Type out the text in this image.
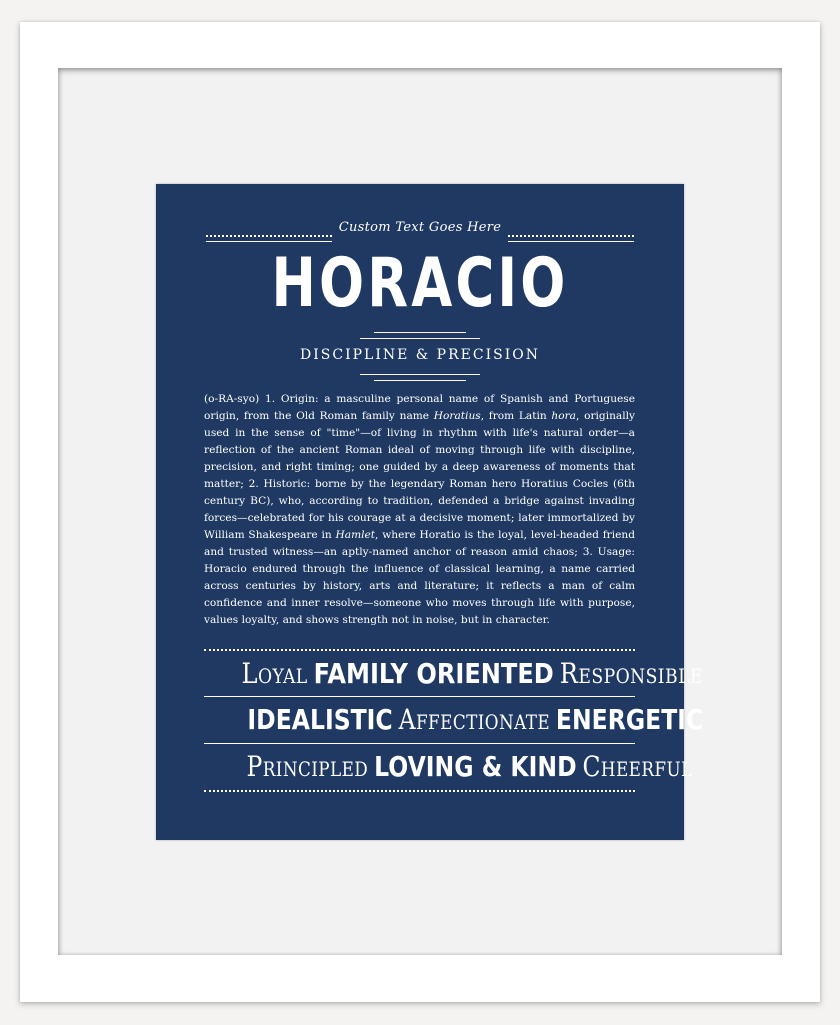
Custom Text Goes Here
HORACIO
DISCIPLINE & PRECISION
(o-RA-syo) 1. Origin: a masculine personal name of Spanish and Portuguese origin, from the Old Roman family name Horatius, from Latin hora, originally used in the sense of "time"—of living in rhythm with life's natural order—a reflection of the ancient Roman ideal of moving through life with discipline, precision, and right timing; one guided by a deep awareness of moments that matter; 2. Historic: borne by the legendary Roman hero Horatius Cocles (6th century BC), who, according to tradition, defended a bridge against invading forces—celebrated for his courage at a decisive moment; later immortalized by William Shakespeare in Hamlet, where Horatio is the loyal, level-headed friend and trusted witness—an aptly-named anchor of reason amid chaos; 3. Usage: Horacio endured through the influence of classical learning, a name carried across centuries by history, arts and literature; it reflects a man of calm confidence and inner resolve—someone who moves through life with purpose, values loyalty, and shows strength not in noise, but in character.
Loyal FAMILY ORIENTED Responsible
IDEALISTIC Affectionate ENERGETIC
Principled LOVING & KIND Cheerful
